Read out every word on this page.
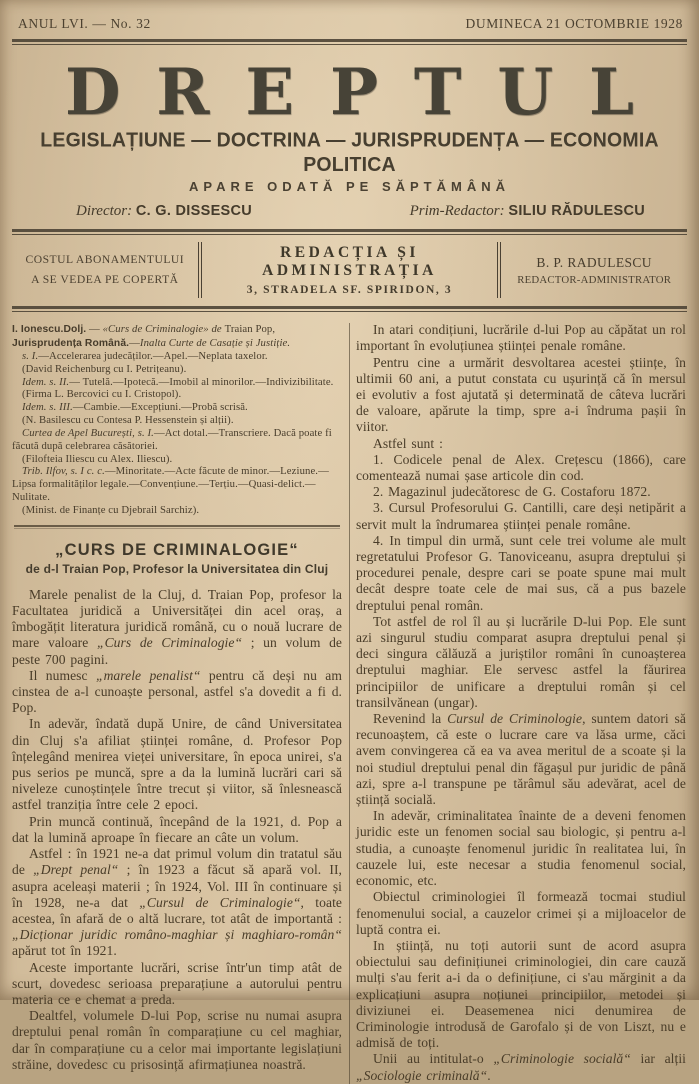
ANUL LVI. — No. 32	DUMINECA 21 OCTOMBRIE 1928
DREPTUL
LEGISLAȚIUNE — DOCTRINA — JURISPRUDENȚA — ECONOMIA POLITICA
APARE ODATĂ PE SĂPTĂMÂNĂ
Director: C. G. DISSESCU	Prim-Redactor: SILIU RĂDULESCU
COSTUL ABONAMENTULUI
A SE VEDEA PE COPERTĂ
REDACȚIA ȘI ADMINISTRAȚIA
3, STRADELA SF. SPIRIDON, 3
B. P. RADULESCU
REDACTOR-ADMINISTRATOR

I. Ionescu.Dolj. — «Curs de Criminalogie» de Traian Pop,

Jurisprudența Română.—Inalta Curte de Casație și Justiție.

s. I.—Accelerarea judecăților.—Apel.—Neplata taxelor.

(David Reichenburg cu I. Petrițeanu).

Idem. s. II.— Tutelă.—Ipotecă.—Imobil al minorilor.—Indivizibilitate.

(Firma L. Bercovici cu I. Cristopol).

Idem. s. III.—Cambie.—Excepțiuni.—Probă scrisă.

(N. Basilescu cu Contesa P. Hessenstein și alții).

Curtea de Apel București, s. I.—Act dotal.—Transcriere. Dacă poate fi făcută după celebrarea căsătoriei.

(Filofteia Iliescu cu Alex. Iliescu).

Trib. Ilfov, s. I c. c.—Minoritate.—Acte făcute de minor.—Leziune.—Lipsa formalităților legale.—Convențiune.—Terțiu.—Quasi-delict.—Nulitate.

(Minist. de Finanțe cu Djebrail Sarchiz).

„CURS DE CRIMINALOGIE“
de d-l Traian Pop, Profesor la Universitatea din Cluj

Marele penalist de la Cluj, d. Traian Pop, profesor la Facultatea juridică a Universităței din acel oraș, a îmbogățit literatura juridică română, cu o nouă lucrare de mare valoare „Curs de Criminalogie“ ; un volum de peste 700 pagini.

Il numesc „marele penalist“ pentru că deși nu am cinstea de a-l cunoaște personal, astfel s'a dovedit a fi d. Pop.

In adevăr, îndată după Unire, de când Universitatea din Cluj s'a afiliat științei române, d. Profesor Pop înțelegând menirea vieței universitare, în epoca unirei, s'a pus serios pe muncă, spre a da la lumină lucrări cari să niveleze cunoștințele între trecut și viitor, să înlesnească astfel tranziția între cele 2 epoci.

Prin muncă continuă, începând de la 1921, d. Pop a dat la lumină aproape în fiecare an câte un volum.

Astfel : în 1921 ne-a dat primul volum din tratatul său de „Drept penal“ ; în 1923 a făcut să apară vol. II, asupra aceleași materii ; în 1924, Vol. III în continuare și în 1928, ne-a dat „Cursul de Criminalogie“, toate acestea, în afară de o altă lucrare, tot atât de importantă : „Dicționar juridic româno-maghiar și maghiaro-român“ apărut tot în 1921.

Aceste importante lucrări, scrise într'un timp atât de scurt, dovedesc serioasa preparațiune a autorului pentru materia ce e chemat a preda.

Dealtfel, volumele D-lui Pop, scrise nu numai asupra dreptului penal român în comparațiune cu cel maghiar, dar în comparațiune cu a celor mai importante legislațiuni străine, dovedesc cu prisosință afirmațiunea noastră.

In atari condițiuni, lucrările d-lui Pop au căpătat un rol important în evoluțiunea științei penale române.

Pentru cine a urmărit desvoltarea acestei științe, în ultimii 60 ani, a putut constata cu ușurință că în mersul ei evolutiv a fost ajutată și determinată de câteva lucrări de valoare, apărute la timp, spre a-i îndruma pașii în viitor.

Astfel sunt :

1. Codicele penal de Alex. Crețescu (1866), care comentează numai șase articole din cod.

2. Magazinul judecătoresc de G. Costaforu 1872.

3. Cursul Profesorului G. Cantilli, care deși netipărit a servit mult la îndrumarea științei penale române.

4. In timpul din urmă, sunt cele trei volume ale mult regretatului Profesor G. Tanoviceanu, asupra dreptului și procedurei penale, despre cari se poate spune mai mult decât despre toate cele de mai sus, că a pus bazele dreptului penal român.

Tot astfel de rol îl au și lucrările D-lui Pop. Ele sunt azi singurul studiu comparat asupra dreptului penal și deci singura călăuză a juriștilor români în cunoașterea dreptului maghiar. Ele servesc astfel la făurirea principiilor de unificare a dreptului român și cel transilvănean (ungar).

Revenind la Cursul de Criminologie, suntem datori să recunoaștem, că este o lucrare care va lăsa urme, căci avem convingerea că ea va avea meritul de a scoate și la noi studiul dreptului penal din făgașul pur juridic de până azi, spre a-l transpune pe tărâmul său adevărat, acel de știință socială.

In adevăr, criminalitatea înainte de a deveni fenomen juridic este un fenomen social sau biologic, și pentru a-l studia, a cunoaște fenomenul juridic în realitatea lui, în cauzele lui, este necesar a studia fenomenul social, economic, etc.

Obiectul criminologiei îl formează tocmai studiul fenomenului social, a cauzelor crimei și a mijloacelor de luptă contra ei.

In știință, nu toți autorii sunt de acord asupra obiectului sau definițiunei criminologiei, din care cauză mulți s'au ferit a-i da o definițiune, ci s'au mărginit a da explicațiuni asupra noțiunei principiilor, metodei și diviziunei ei. Deasemenea nici denumirea de Criminologie introdusă de Garofalo și de von Liszt, nu e admisă de toți.

Unii au intitulat-o „Criminologie socială“ iar alții „Sociologie criminală“.
